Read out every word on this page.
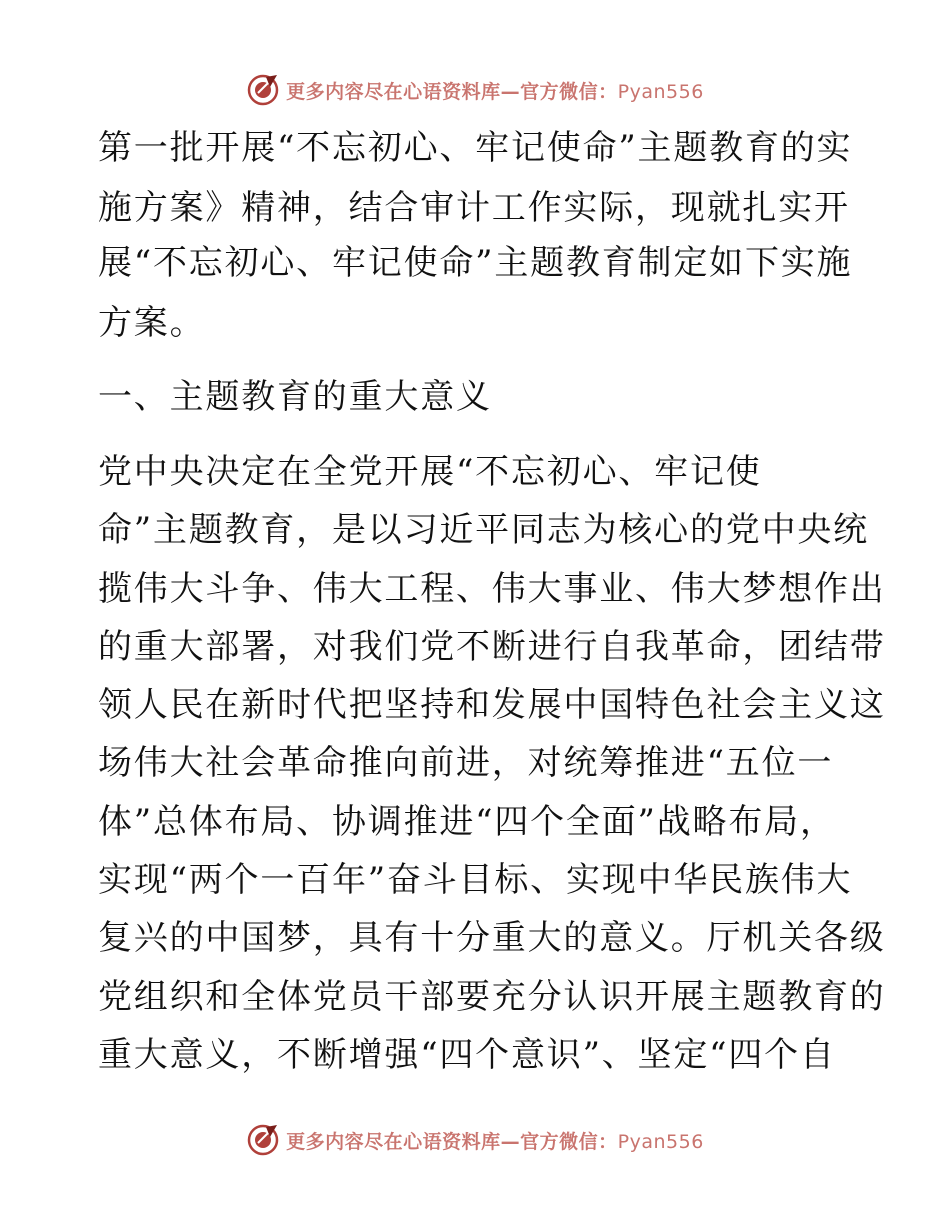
更多内容尽在心语资料库—官方微信：Pyan556
第一批开展“不忘初心、牢记使命”主题教育的实
施方案》精神，结合审计工作实际，现就扎实开
展“不忘初心、牢记使命”主题教育制定如下实施
方案。
一、主题教育的重大意义
党中央决定在全党开展“不忘初心、牢记使
命”主题教育，是以习近平同志为核心的党中央统
揽伟大斗争、伟大工程、伟大事业、伟大梦想作出
的重大部署，对我们党不断进行自我革命，团结带
领人民在新时代把坚持和发展中国特色社会主义这
场伟大社会革命推向前进，对统筹推进“五位一
体”总体布局、协调推进“四个全面”战略布局，
实现“两个一百年”奋斗目标、实现中华民族伟大
复兴的中国梦，具有十分重大的意义。厅机关各级
党组织和全体党员干部要充分认识开展主题教育的
重大意义，不断增强“四个意识”、坚定“四个自
更多内容尽在心语资料库—官方微信：Pyan556
